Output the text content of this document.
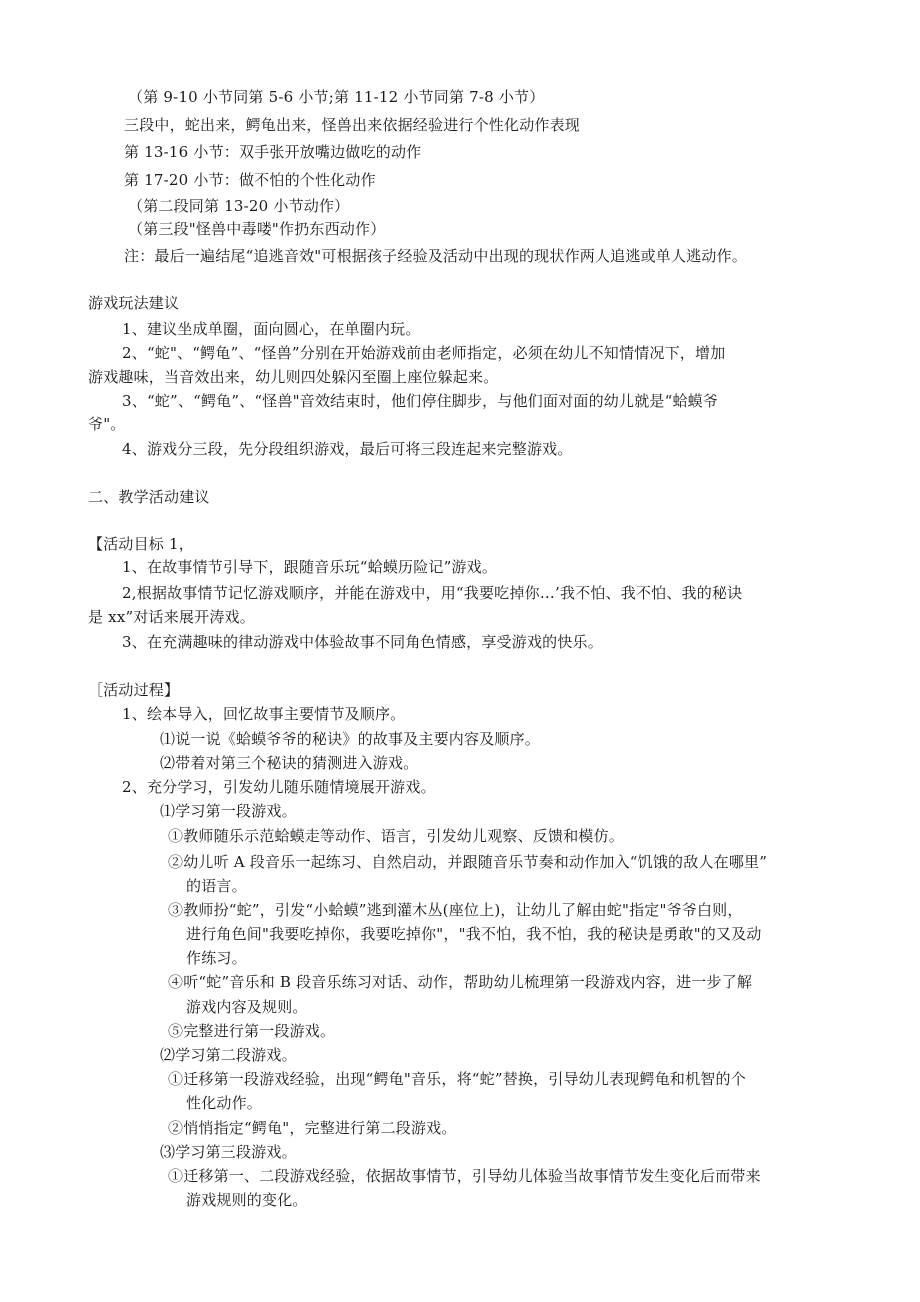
（第 9-10 小节同第 5-6 小节;第 11-12 小节同第 7-8 小节）
三段中，蛇出来，鳄龟出来，怪兽出来依据经验进行个性化动作表现
第 13-16 小节：双手张开放嘴边做吃的动作
第 17-20 小节：做不怕的个性化动作
（第二段同第 13-20 小节动作）
（第三段"怪兽中毒喽"作扔东西动作）
注：最后一遍结尾“追逃音效"可根据孩子经验及活动中出现的现状作两人追逃或单人逃动作。
游戏玩法建议
1、建议坐成单圈，面向圆心，在单圈内玩。
2、“蛇"、“鳄龟”、“怪兽”分别在开始游戏前由老师指定，必须在幼儿不知情情况下，增加
游戏趣味，当音效出来，幼儿则四处躲闪至圈上座位躲起来。
3、“蛇”、“鳄龟”、“怪兽"音效结束时，他们停住脚步，与他们面对面的幼儿就是“蛤蟆爷
爷"。
4、游戏分三段，先分段组织游戏，最后可将三段连起来完整游戏。
二、教学活动建议
【活动目标 1，
1、在故事情节引导下，跟随音乐玩“蛤蟆历险记”游戏。
2,根据故事情节记忆游戏顺序，并能在游戏中，用“我要吃掉你…’我不怕、我不怕、我的秘诀
是 xx”对话来展开涛戏。
3、在充满趣味的律动游戏中体验故事不同角色情感，享受游戏的快乐。
［活动过程】
1、绘本导入，回忆故事主要情节及顺序。
⑴说一说《蛤蟆爷爷的秘诀》的故事及主要内容及顺序。
⑵带着对第三个秘诀的猜测进入游戏。
2、充分学习，引发幼儿随乐随情境展开游戏。
⑴学习第一段游戏。
①教师随乐示范蛤蟆走等动作、语言，引发幼儿观察、反馈和模仿。
②幼儿听 A 段音乐一起练习、自然启动，并跟随音乐节奏和动作加入“饥饿的敌人在哪里”
的语言。
③教师扮“蛇”，引发“小蛤蟆”逃到灌木丛(座位上)，让幼儿了解由蛇"指定"爷爷白则，
进行角色间"我要吃掉你，我要吃掉你"，"我不怕，我不怕，我的秘诀是勇敢"的又及动
作练习。
④听“蛇”音乐和 B 段音乐练习对话、动作，帮助幼儿梳理第一段游戏内容，进一步了解
游戏内容及规则。
⑤完整进行第一段游戏。
⑵学习第二段游戏。
①迁移第一段游戏经验，出现“鳄龟"音乐，将“蛇”替换，引导幼儿表现鳄龟和机智的个
性化动作。
②悄悄指定“鳄龟"，完整进行第二段游戏。
⑶学习第三段游戏。
①迁移第一、二段游戏经验，依据故事情节，引导幼儿体验当故事情节发生变化后而带来
游戏规则的变化。
